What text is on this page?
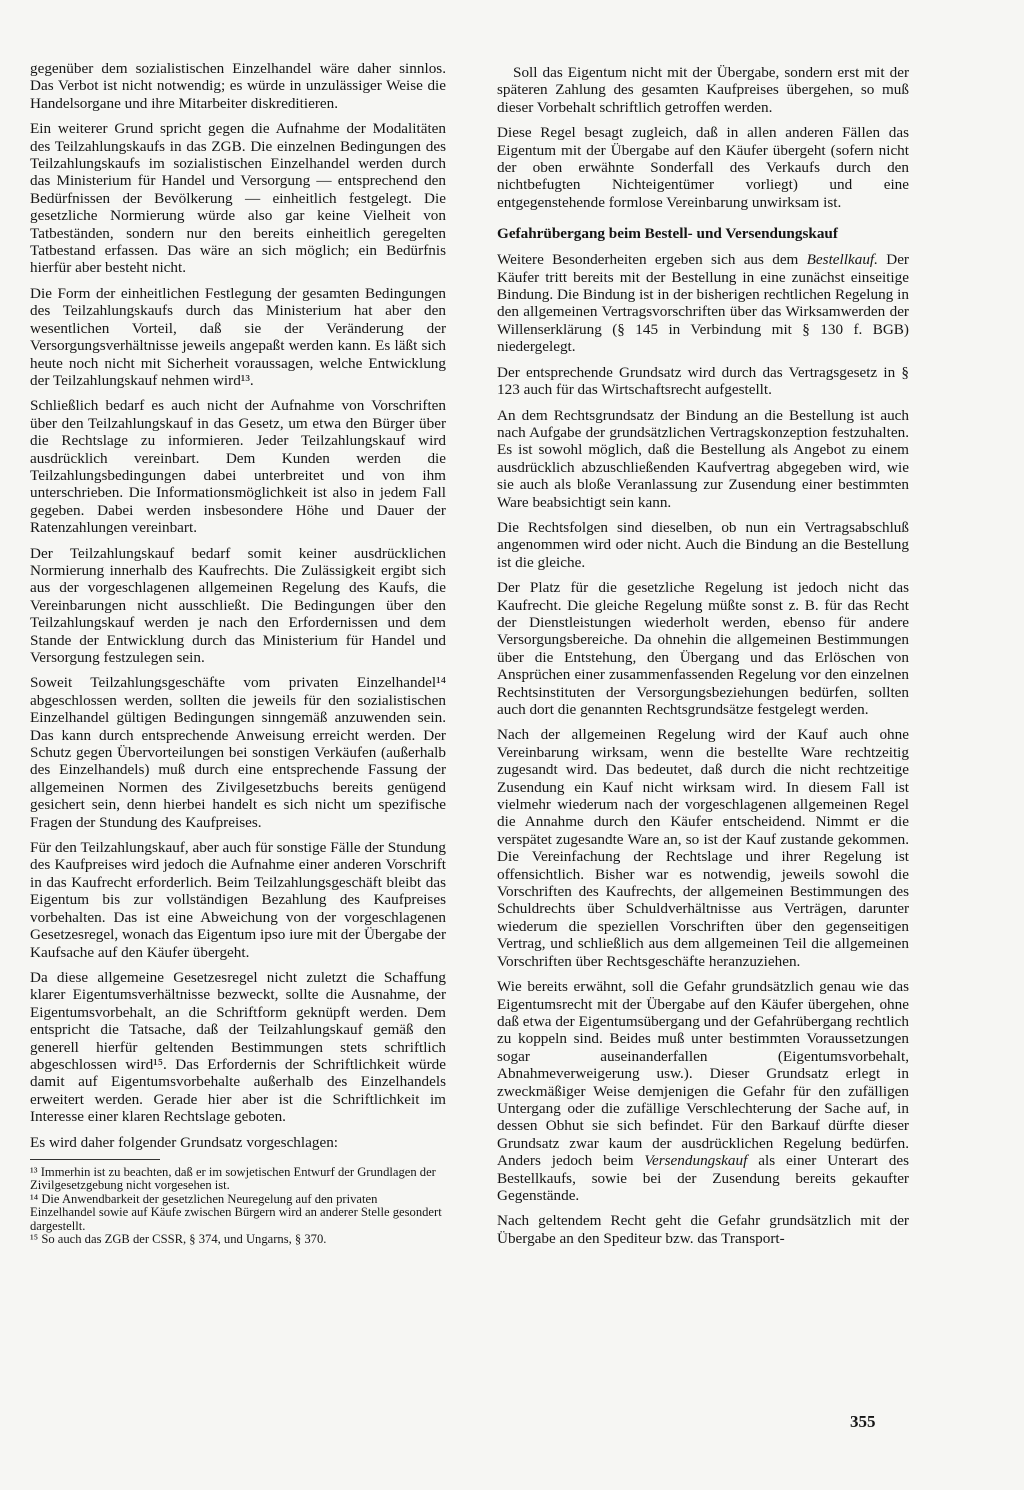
gegenüber dem sozialistischen Einzelhandel wäre daher sinnlos. Das Verbot ist nicht notwendig; es würde in unzulässiger Weise die Handelsorgane und ihre Mitarbeiter diskreditieren.

Ein weiterer Grund spricht gegen die Aufnahme der Modalitäten des Teilzahlungskaufs in das ZGB. Die einzelnen Bedingungen des Teilzahlungskaufs im sozialistischen Einzelhandel werden durch das Ministerium für Handel und Versorgung — entsprechend den Bedürfnissen der Bevölkerung — einheitlich festgelegt. Die gesetzliche Normierung würde also gar keine Vielheit von Tatbeständen, sondern nur den bereits einheitlich geregelten Tatbestand erfassen. Das wäre an sich möglich; ein Bedürfnis hierfür aber besteht nicht.

Die Form der einheitlichen Festlegung der gesamten Bedingungen des Teilzahlungskaufs durch das Ministerium hat aber den wesentlichen Vorteil, daß sie der Veränderung der Versorgungsverhältnisse jeweils angepaßt werden kann. Es läßt sich heute noch nicht mit Sicherheit voraussagen, welche Entwicklung der Teilzahlungskauf nehmen wird¹³.

Schließlich bedarf es auch nicht der Aufnahme von Vorschriften über den Teilzahlungskauf in das Gesetz, um etwa den Bürger über die Rechtslage zu informieren. Jeder Teilzahlungskauf wird ausdrücklich vereinbart. Dem Kunden werden die Teilzahlungsbedingungen dabei unterbreitet und von ihm unterschrieben. Die Informationsmöglichkeit ist also in jedem Fall gegeben. Dabei werden insbesondere Höhe und Dauer der Ratenzahlungen vereinbart.

Der Teilzahlungskauf bedarf somit keiner ausdrücklichen Normierung innerhalb des Kaufrechts. Die Zulässigkeit ergibt sich aus der vorgeschlagenen allgemeinen Regelung des Kaufs, die Vereinbarungen nicht ausschließt. Die Bedingungen über den Teilzahlungskauf werden je nach den Erfordernissen und dem Stande der Entwicklung durch das Ministerium für Handel und Versorgung festzulegen sein.

Soweit Teilzahlungsgeschäfte vom privaten Einzelhandel¹⁴ abgeschlossen werden, sollten die jeweils für den sozialistischen Einzelhandel gültigen Bedingungen sinngemäß anzuwenden sein. Das kann durch entsprechende Anweisung erreicht werden. Der Schutz gegen Übervorteilungen bei sonstigen Verkäufen (außerhalb des Einzelhandels) muß durch eine entsprechende Fassung der allgemeinen Normen des Zivilgesetzbuchs bereits genügend gesichert sein, denn hierbei handelt es sich nicht um spezifische Fragen der Stundung des Kaufpreises.

Für den Teilzahlungskauf, aber auch für sonstige Fälle der Stundung des Kaufpreises wird jedoch die Aufnahme einer anderen Vorschrift in das Kaufrecht erforderlich. Beim Teilzahlungsgeschäft bleibt das Eigentum bis zur vollständigen Bezahlung des Kaufpreises vorbehalten. Das ist eine Abweichung von der vorgeschlagenen Gesetzesregel, wonach das Eigentum ipso iure mit der Übergabe der Kaufsache auf den Käufer übergeht.

Da diese allgemeine Gesetzesregel nicht zuletzt die Schaffung klarer Eigentumsverhältnisse bezweckt, sollte die Ausnahme, der Eigentumsvorbehalt, an die Schriftform geknüpft werden. Dem entspricht die Tatsache, daß der Teilzahlungskauf gemäß den generell hierfür geltenden Bestimmungen stets schriftlich abgeschlossen wird¹⁵. Das Erfordernis der Schriftlichkeit würde damit auf Eigentumsvorbehalte außerhalb des Einzelhandels erweitert werden. Gerade hier aber ist die Schriftlichkeit im Interesse einer klaren Rechtslage geboten.

Es wird daher folgender Grundsatz vorgeschlagen:

¹³ Immerhin ist zu beachten, daß er im sowjetischen Entwurf der Grundlagen der Zivilgesetzgebung nicht vorgesehen ist.

¹⁴ Die Anwendbarkeit der gesetzlichen Neuregelung auf den privaten Einzelhandel sowie auf Käufe zwischen Bürgern wird an anderer Stelle gesondert dargestellt.

¹⁵ So auch das ZGB der CSSR, § 374, und Ungarns, § 370.

Soll das Eigentum nicht mit der Übergabe, sondern erst mit der späteren Zahlung des gesamten Kaufpreises übergehen, so muß dieser Vorbehalt schriftlich getroffen werden.

Diese Regel besagt zugleich, daß in allen anderen Fällen das Eigentum mit der Übergabe auf den Käufer übergeht (sofern nicht der oben erwähnte Sonderfall des Verkaufs durch den nichtbefugten Nichteigentümer vorliegt) und eine entgegenstehende formlose Vereinbarung unwirksam ist.

Gefahrübergang beim Bestell- und Versendungskauf

Weitere Besonderheiten ergeben sich aus dem Bestellkauf. Der Käufer tritt bereits mit der Bestellung in eine zunächst einseitige Bindung. Die Bindung ist in der bisherigen rechtlichen Regelung in den allgemeinen Vertragsvorschriften über das Wirksamwerden der Willenserklärung (§ 145 in Verbindung mit § 130 f. BGB) niedergelegt.

Der entsprechende Grundsatz wird durch das Vertragsgesetz in § 123 auch für das Wirtschaftsrecht aufgestellt.

An dem Rechtsgrundsatz der Bindung an die Bestellung ist auch nach Aufgabe der grundsätzlichen Vertragskonzeption festzuhalten. Es ist sowohl möglich, daß die Bestellung als Angebot zu einem ausdrücklich abzuschließenden Kaufvertrag abgegeben wird, wie sie auch als bloße Veranlassung zur Zusendung einer bestimmten Ware beabsichtigt sein kann.

Die Rechtsfolgen sind dieselben, ob nun ein Vertragsabschluß angenommen wird oder nicht. Auch die Bindung an die Bestellung ist die gleiche.

Der Platz für die gesetzliche Regelung ist jedoch nicht das Kaufrecht. Die gleiche Regelung müßte sonst z. B. für das Recht der Dienstleistungen wiederholt werden, ebenso für andere Versorgungsbereiche. Da ohnehin die allgemeinen Bestimmungen über die Entstehung, den Übergang und das Erlöschen von Ansprüchen einer zusammenfassenden Regelung vor den einzelnen Rechtsinstituten der Versorgungsbeziehungen bedürfen, sollten auch dort die genannten Rechtsgrundsätze festgelegt werden.

Nach der allgemeinen Regelung wird der Kauf auch ohne Vereinbarung wirksam, wenn die bestellte Ware rechtzeitig zugesandt wird. Das bedeutet, daß durch die nicht rechtzeitige Zusendung ein Kauf nicht wirksam wird. In diesem Fall ist vielmehr wiederum nach der vorgeschlagenen allgemeinen Regel die Annahme durch den Käufer entscheidend. Nimmt er die verspätet zugesandte Ware an, so ist der Kauf zustande gekommen. Die Vereinfachung der Rechtslage und ihrer Regelung ist offensichtlich. Bisher war es notwendig, jeweils sowohl die Vorschriften des Kaufrechts, der allgemeinen Bestimmungen des Schuldrechts über Schuldverhältnisse aus Verträgen, darunter wiederum die speziellen Vorschriften über den gegenseitigen Vertrag, und schließlich aus dem allgemeinen Teil die allgemeinen Vorschriften über Rechtsgeschäfte heranzuziehen.

Wie bereits erwähnt, soll die Gefahr grundsätzlich genau wie das Eigentumsrecht mit der Übergabe auf den Käufer übergehen, ohne daß etwa der Eigentumsübergang und der Gefahrübergang rechtlich zu koppeln sind. Beides muß unter bestimmten Voraussetzungen sogar auseinanderfallen (Eigentumsvorbehalt, Abnahmeverweigerung usw.). Dieser Grundsatz erlegt in zweckmäßiger Weise demjenigen die Gefahr für den zufälligen Untergang oder die zufällige Verschlechterung der Sache auf, in dessen Obhut sie sich befindet. Für den Barkauf dürfte dieser Grundsatz zwar kaum der ausdrücklichen Regelung bedürfen. Anders jedoch beim Versendungskauf als einer Unterart des Bestellkaufs, sowie bei der Zusendung bereits gekaufter Gegenstände.

Nach geltendem Recht geht die Gefahr grundsätzlich mit der Übergabe an den Spediteur bzw. das Transport-

355
